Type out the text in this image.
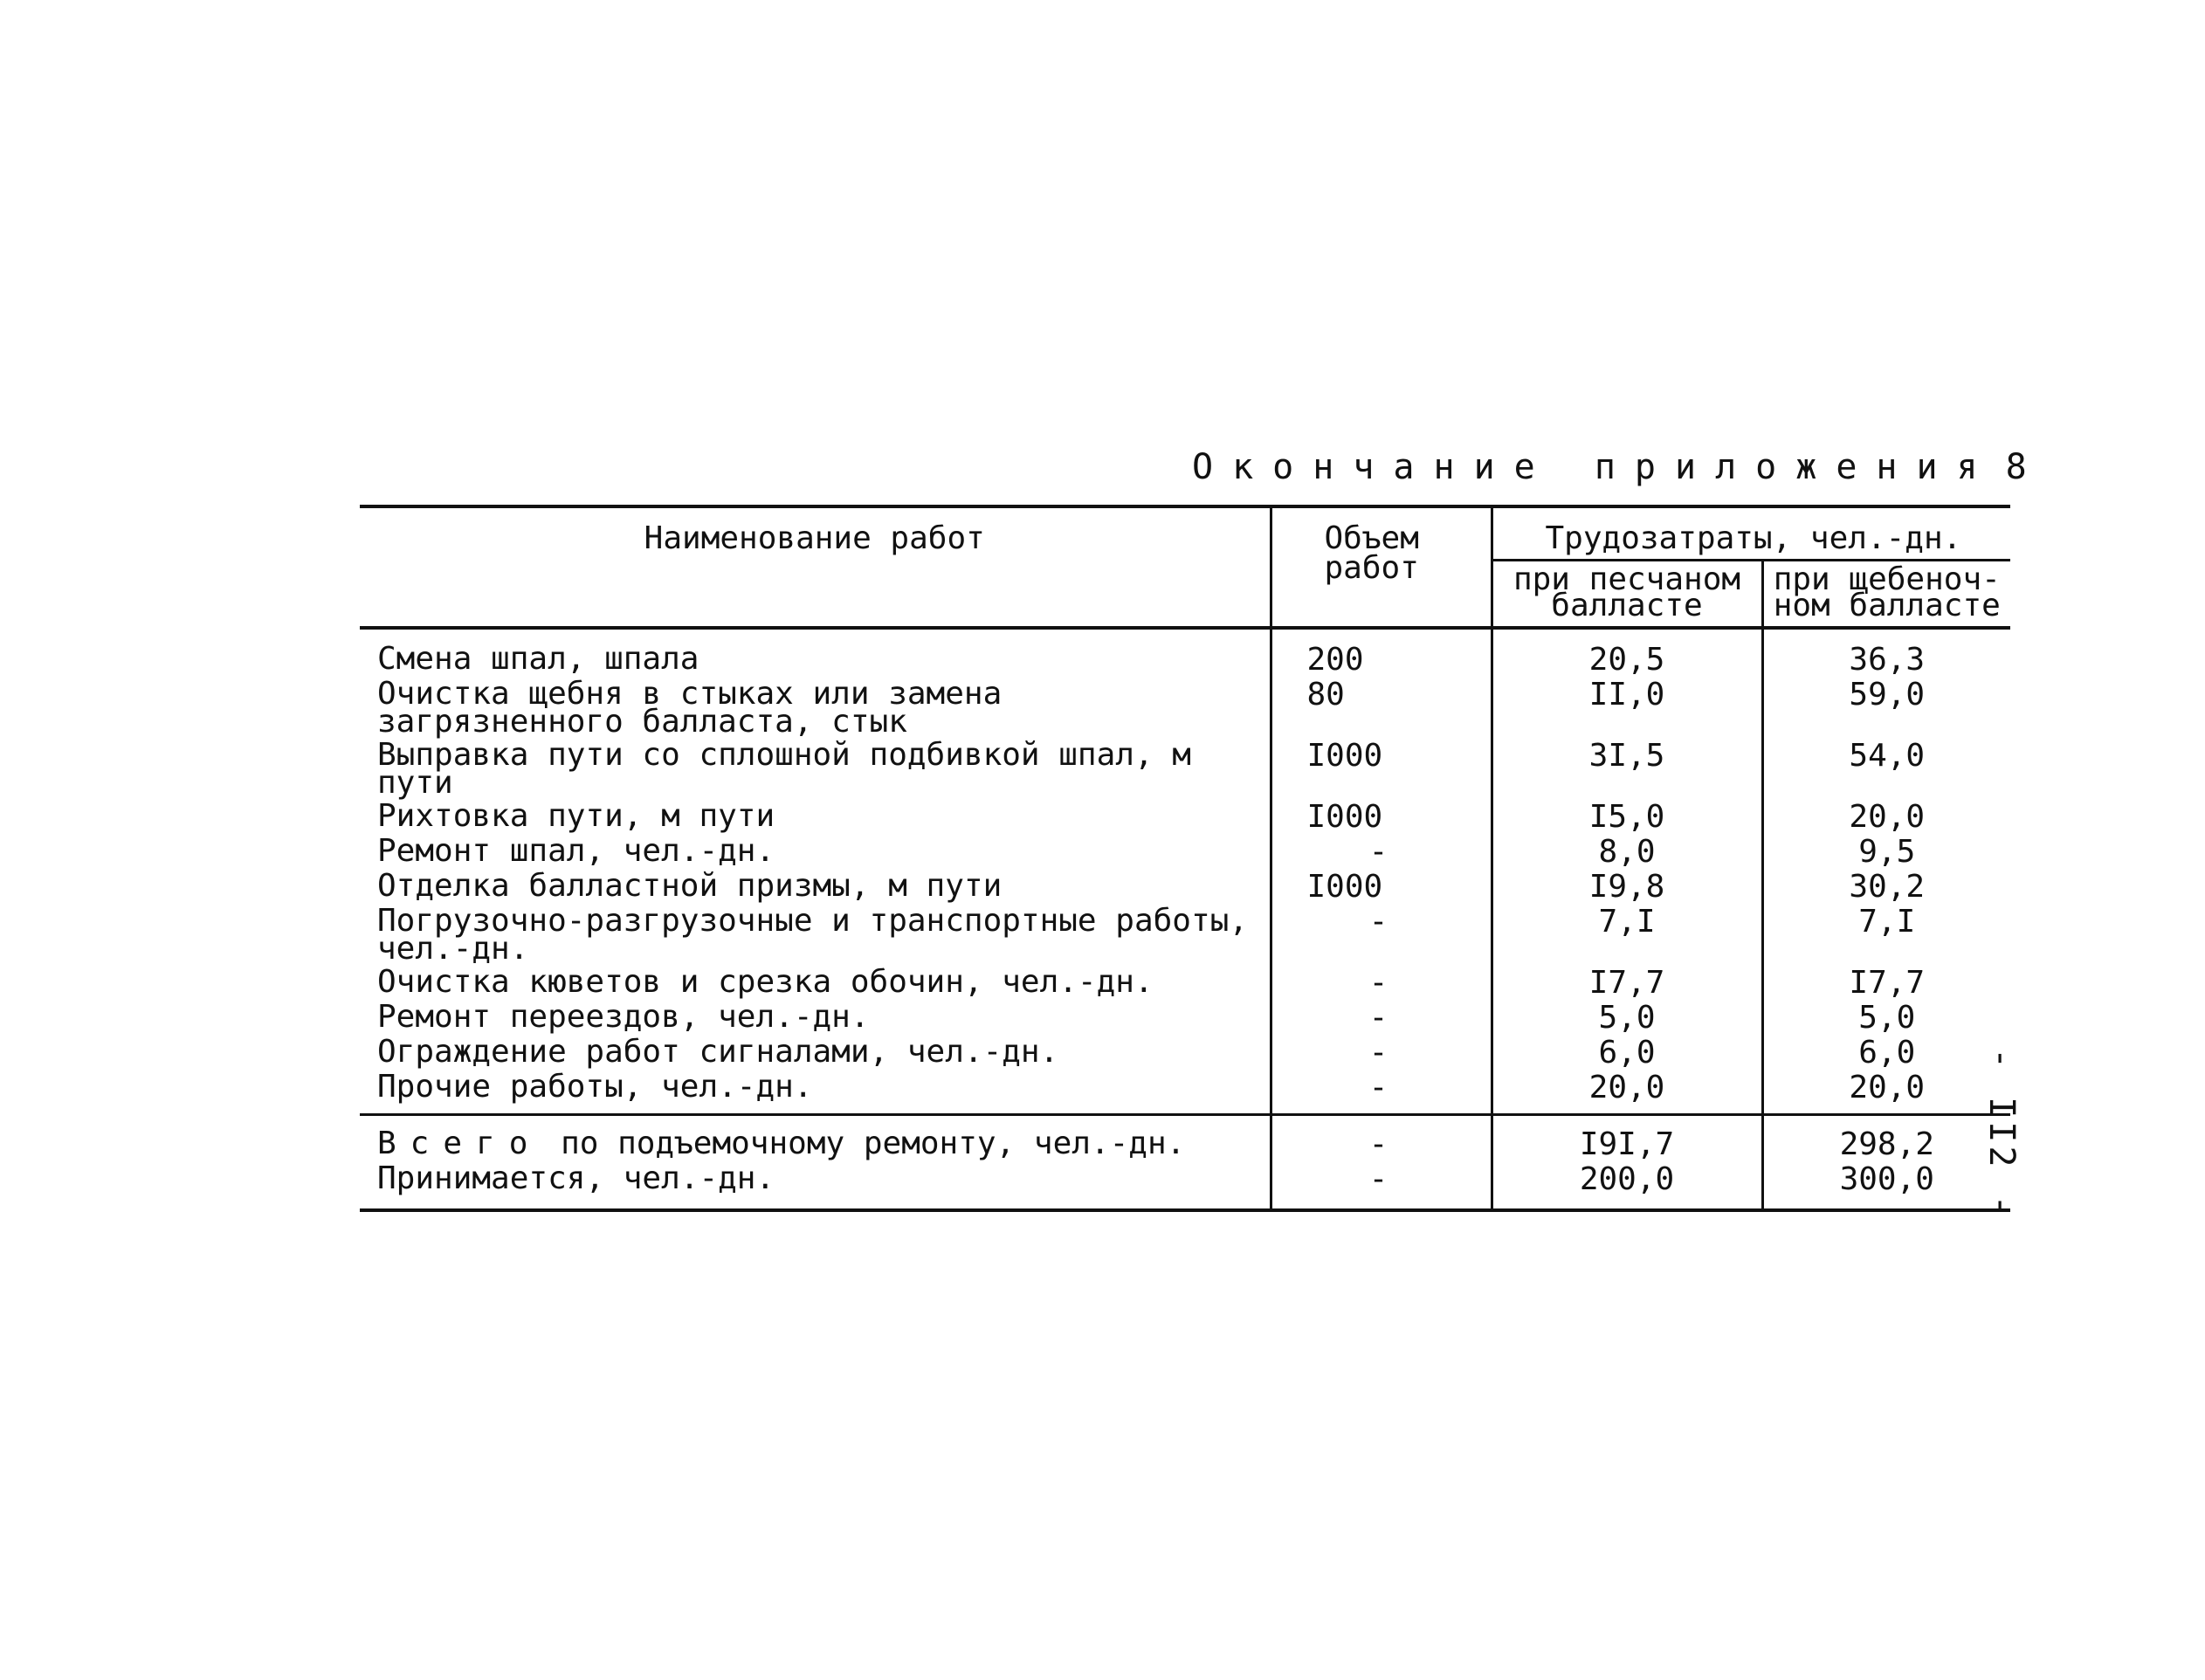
Окончание приложения 8
- II2 -
Наименование работ	Объем работ	Трудозатраты, чел.-дн.	
		при песчаном балласте	при щебеноч-ном балласте
Смена шпал, шпала	200	20,5	36,3
Очистка щебня в стыках или замена загрязненного балласта, стык	80	II,0	59,0
Выправка пути со сплошной подбивкой шпал, м пути	I000	3I,5	54,0
Рихтовка пути, м пути	I000	I5,0	20,0
Ремонт шпал, чел.-дн.	-	8,0	9,5
Отделка балластной призмы, м пути	I000	I9,8	30,2
Погрузочно-разгрузочные и транспортные работы, чел.-дн.	-	7,I	7,I
Очистка кюветов и срезка обочин, чел.-дн.	-	I7,7	I7,7
Ремонт переездов, чел.-дн.	-	5,0	5,0
Ограждение работ сигналами, чел.-дн.	-	6,0	6,0
Прочие работы, чел.-дн.	-	20,0	20,0
Всего по подъемочному ремонту, чел.-дн.	-	I9I,7	298,2
Принимается, чел.-дн.	-	200,0	300,0
